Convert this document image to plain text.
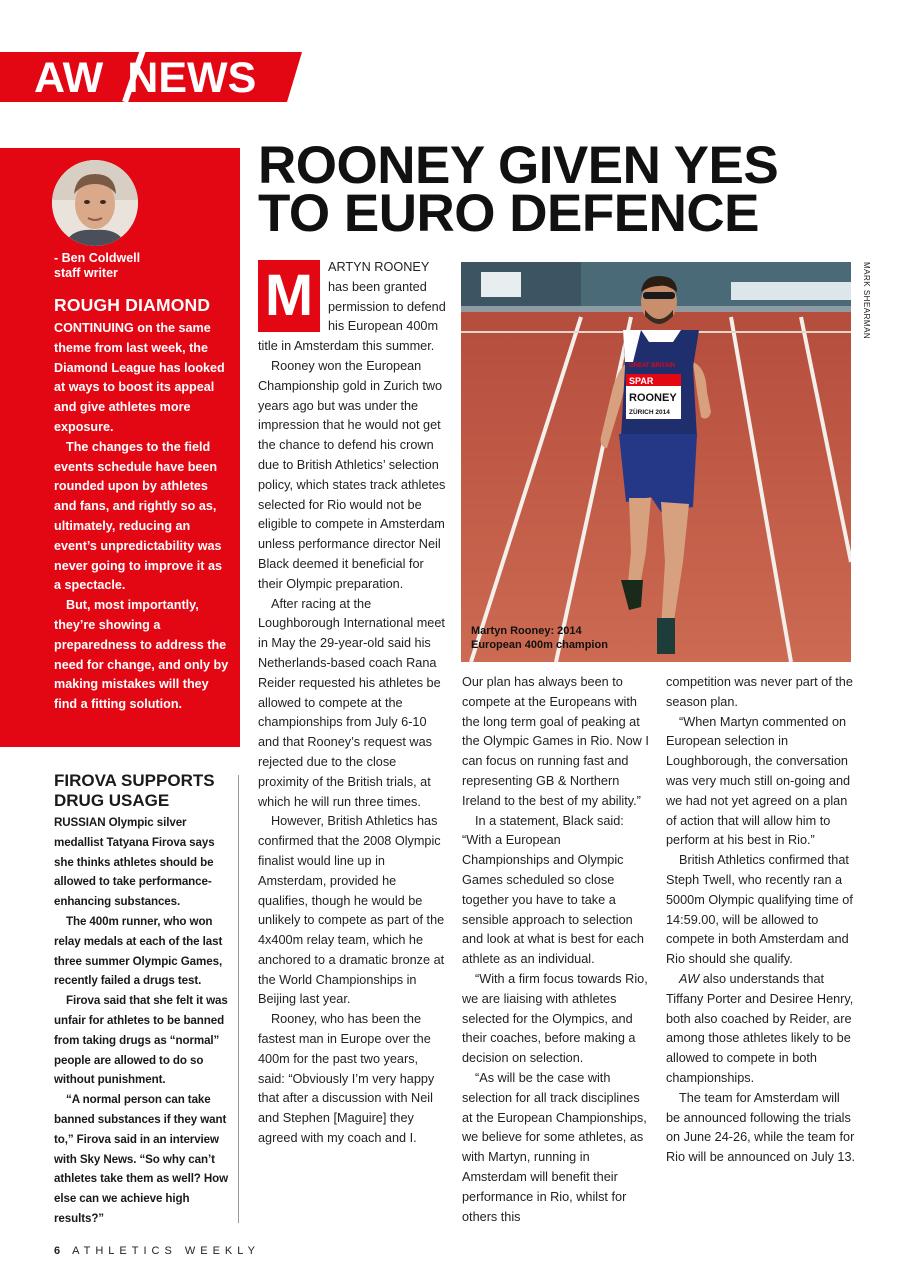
AW NEWS
- Ben Coldwell
staff writer
ROUGH DIAMOND

CONTINUING on the same theme from last week, the Diamond League has looked at ways to boost its appeal and give athletes more exposure.

The changes to the field events schedule have been rounded upon by athletes and fans, and rightly so as, ultimately, reducing an event’s unpredictability was never going to improve it as a spectacle.

But, most importantly, they’re showing a preparedness to address the need for change, and only by making mistakes will they find a fitting solution.

FIROVA SUPPORTS
DRUG USAGE

RUSSIAN Olympic silver medallist Tatyana Firova says she thinks athletes should be allowed to take performance-enhancing substances.

The 400m runner, who won relay medals at each of the last three summer Olympic Games, recently failed a drugs test.

Firova said that she felt it was unfair for athletes to be banned from taking drugs as “normal” people are allowed to do so without punishment.

“A normal person can take banned substances if they want to,” Firova said in an interview with Sky News. “So why can’t athletes take them as well? How else can we achieve high results?”

ROONEY GIVEN YES
TO EURO DEFENCE

M	ARTYN ROONEY has been granted permission to defend his European 400m title in Amsterdam this summer.

Rooney won the European Championship gold in Zurich two years ago but was under the impression that he would not get the chance to defend his crown due to British Athletics’ selection policy, which states track athletes selected for Rio would not be eligible to compete in Amsterdam unless performance director Neil Black deemed it beneficial for their Olympic preparation.

After racing at the Loughborough International meet in May the 29-year-old said his Netherlands-based coach Rana Reider requested his athletes be allowed to compete at the championships from July 6-10 and that Rooney’s request was rejected due to the close proximity of the British trials, at which he will run three times.

However, British Athletics has confirmed that the 2008 Olympic finalist would line up in Amsterdam, provided he qualifies, though he would be unlikely to compete as part of the 4x400m relay team, which he anchored to a dramatic bronze at the World Championships in Beijing last year.

Rooney, who has been the fastest man in Europe over the 400m for the past two years, said: “Obviously I’m very happy that after a discussion with Neil and Stephen [Maguire] they agreed with my coach and I.

SPAR
ROONEY
ZÜRICH 2014
GREAT BRITAIN
Martyn Rooney: 2014
European 400m champion
MARK SHEARMAN

Our plan has always been to compete at the Europeans with the long term goal of peaking at the Olympic Games in Rio. Now I can focus on running fast and representing GB & Northern Ireland to the best of my ability.”

In a statement, Black said: “With a European Championships and Olympic Games scheduled so close together you have to take a sensible approach to selection and look at what is best for each athlete as an individual.

“With a firm focus towards Rio, we are liaising with athletes selected for the Olympics, and their coaches, before making a decision on selection.

“As will be the case with selection for all track disciplines at the European Championships, we believe for some athletes, as with Martyn, running in Amsterdam will benefit their performance in Rio, whilst for others this

competition was never part of the season plan.

“When Martyn commented on European selection in Loughborough, the conversation was very much still on-going and we had not yet agreed on a plan of action that will allow him to perform at his best in Rio.”

British Athletics confirmed that Steph Twell, who recently ran a 5000m Olympic qualifying time of 14:59.00, will be allowed to compete in both Amsterdam and Rio should she qualify.

AW also understands that Tiffany Porter and Desiree Henry, both also coached by Reider, are among those athletes likely to be allowed to compete in both championships.

The team for Amsterdam will be announced following the trials on June 24-26, while the team for Rio will be announced on July 13.

6 ATHLETICS WEEKLY
